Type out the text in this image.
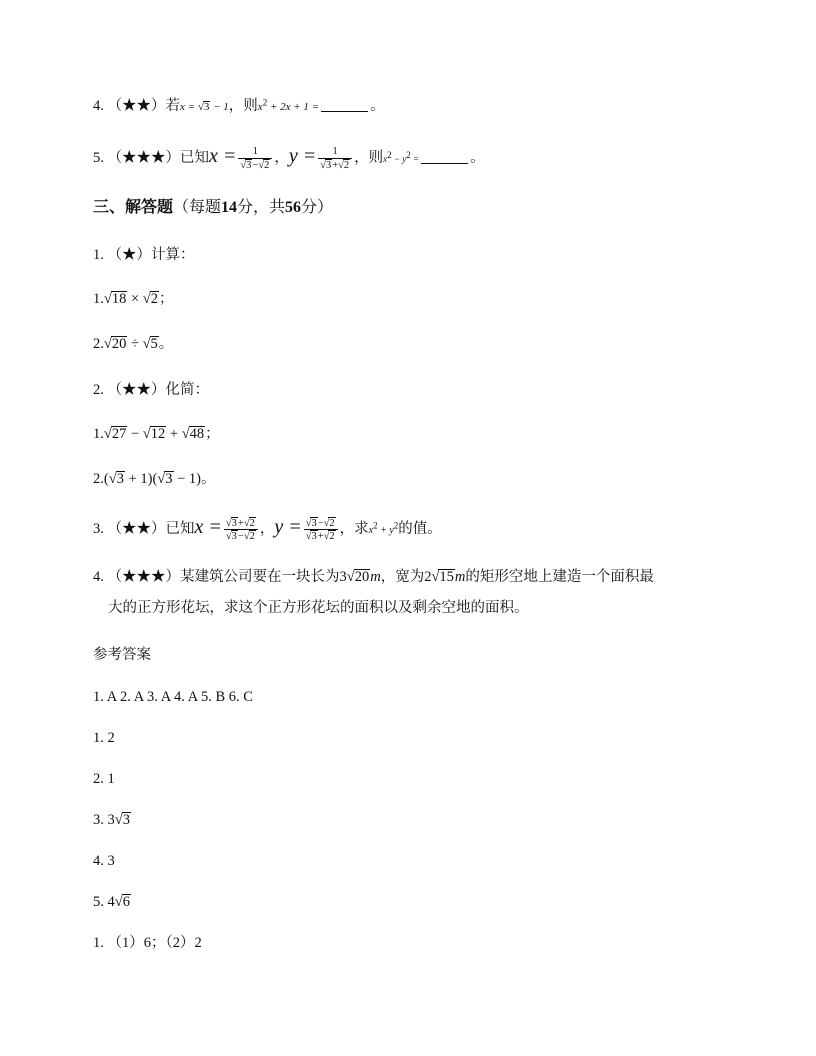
4. （★★）若x = √3 − 1，则$x^2 + 2x + 1$ =	。
5. （★★★）已知$x = \frac{1}{√3-√2}$ ，$y = \frac{1}{√3+√2}$ ，则x2 − y2 =	。
三、解答题（每题14分，共56分）
1. （★）计算：
1.√18 × √2；
2.√20 ÷ √5。
2. （★★）化简：
1.√27 − √12 + √48；
2.(√3 + 1)(√3 − 1)。
3. （★★）已知$x = \frac{√3+√2}{√3-√2}$ ，$y = \frac{√3-√2}{√3+√2}$ ，求x2 + y2的值。
4. （★★★）某建筑公司要在一块长为3√20m，宽为2√15m的矩形空地上建造一个面积最
大的正方形花坛，求这个正方形花坛的面积以及剩余空地的面积。
参考答案
1. A 2. A 3. A 4. A 5. B 6. C
1. 2
2. 1
3. 3√3
4. 3
5. 4√6
1. （1）6；（2）2
